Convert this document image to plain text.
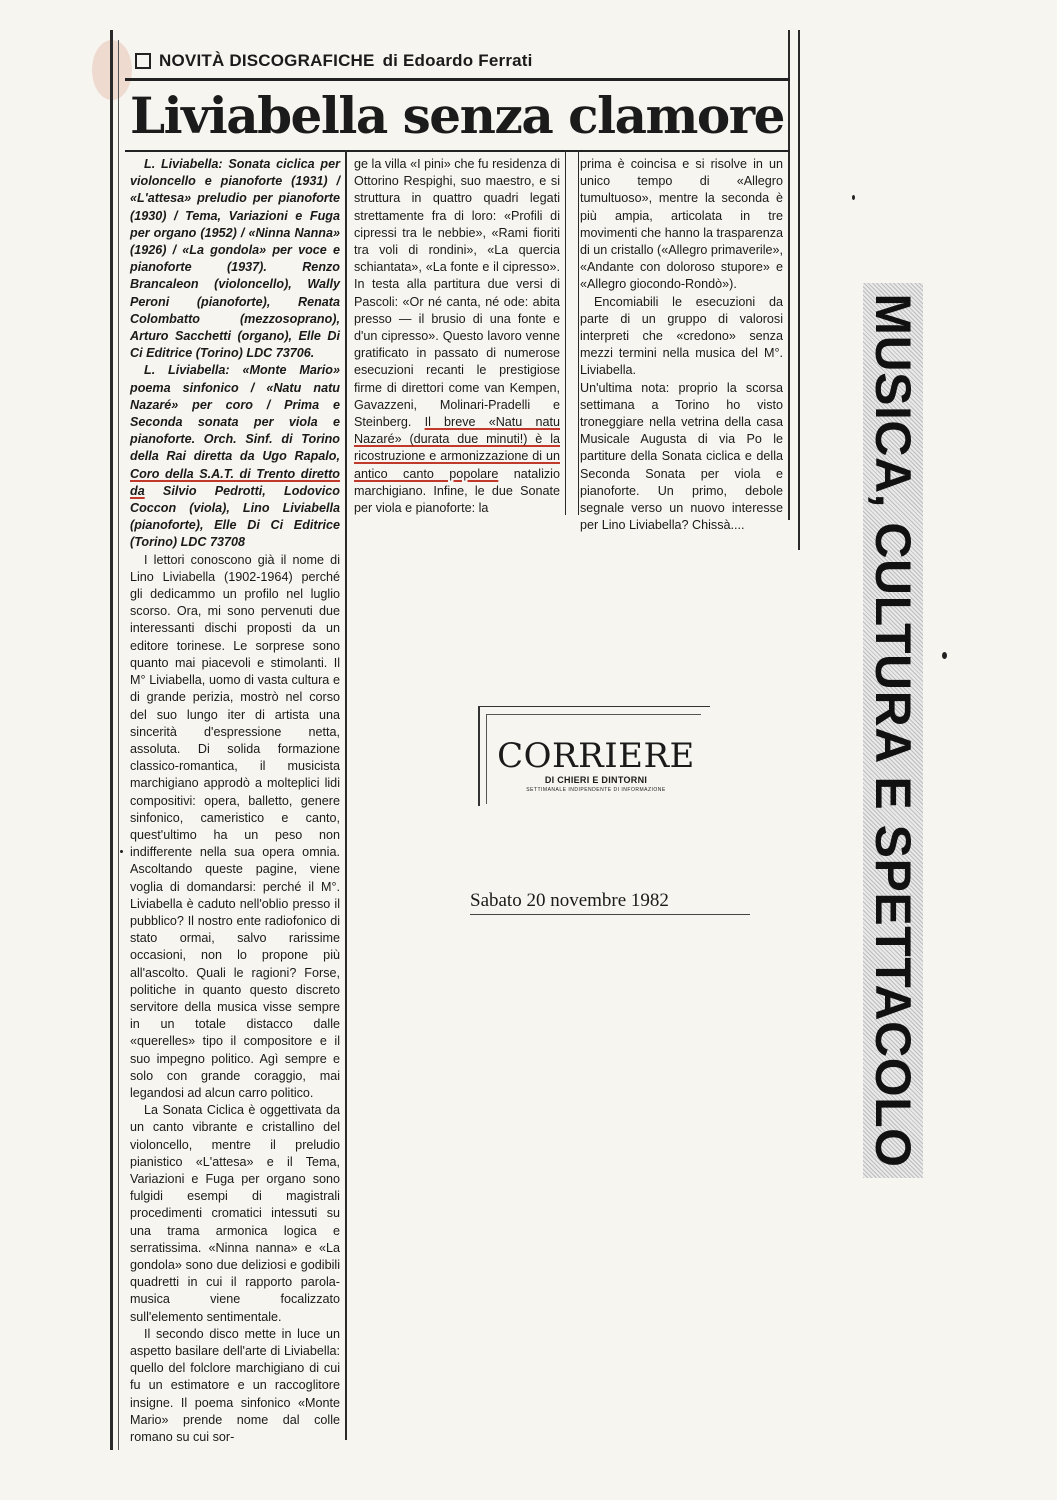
NOVITÀ DISCOGRAFICHE di Edoardo Ferrati
Liviabella senza clamore

L. Liviabella: Sonata ciclica per violoncello e pianoforte (1931) / «L'attesa» preludio per pianoforte (1930) / Tema, Variazioni e Fuga per organo (1952) / «Ninna Nanna» (1926) / «La gondola» per voce e pianoforte (1937). Renzo Brancaleon (violoncello), Wally Peroni (pianoforte), Renata Colombatto (mezzosoprano), Arturo Sacchetti (organo), Elle Di Ci Editrice (Torino) LDC 73706.

L. Liviabella: «Monte Mario» poema sinfonico / «Natu natu Nazaré» per coro / Prima e Seconda sonata per viola e pianoforte. Orch. Sinf. di Torino della Rai diretta da Ugo Rapalo, Coro della S.A.T. di Trento diretto da Silvio Pedrotti, Lodovico Coccon (viola), Lino Liviabella (pianoforte), Elle Di Ci Editrice (Torino) LDC 73708

I lettori conoscono già il nome di Lino Liviabella (1902-1964) perché gli dedicammo un profilo nel luglio scorso. Ora, mi sono pervenuti due interessanti dischi proposti da un editore torinese. Le sorprese sono quanto mai piacevoli e stimolanti. Il M° Liviabella, uomo di vasta cultura e di grande perizia, mostrò nel corso del suo lungo iter di artista una sincerità d'espressione netta, assoluta. Di solida formazione classico-romantica, il musicista marchigiano approdò a molteplici lidi compositivi: opera, balletto, genere sinfonico, cameristico e canto, quest'ultimo ha un peso non indifferente nella sua opera omnia. Ascoltando queste pagine, viene voglia di domandarsi: perché il M°. Liviabella è caduto nell'oblio presso il pubblico? Il nostro ente radiofonico di stato ormai, salvo rarissime occasioni, non lo propone più all'ascolto. Quali le ragioni? Forse, politiche in quanto questo discreto servitore della musica visse sempre in un totale distacco dalle «querelles» tipo il compositore e il suo impegno politico. Agì sempre e solo con grande coraggio, mai legandosi ad alcun carro politico.

La Sonata Ciclica è oggettivata da un canto vibrante e cristallino del violoncello, mentre il preludio pianistico «L'attesa» e il Tema, Variazioni e Fuga per organo sono fulgidi esempi di magistrali procedimenti cromatici intessuti su una trama armonica logica e serratissima. «Ninna nanna» e «La gondola» sono due deliziosi e godibili quadretti in cui il rapporto parola-musica viene focalizzato sull'elemento sentimentale.

Il secondo disco mette in luce un aspetto basilare dell'arte di Liviabella: quello del folclore marchigiano di cui fu un estimatore e un raccoglitore insigne. Il poema sinfonico «Monte Mario» prende nome dal colle romano su cui sor-

ge la villa «I pini» che fu residenza di Ottorino Respighi, suo maestro, e si struttura in quattro quadri legati strettamente fra di loro: «Profili di cipressi tra le nebbie», «Rami fioriti tra voli di rondini», «La quercia schiantata», «La fonte e il cipresso». In testa alla partitura due versi di Pascoli: «Or né canta, né ode: abita presso — il brusio di una fonte e d'un cipresso». Questo lavoro venne gratificato in passato di numerose esecuzioni recanti le prestigiose firme di direttori come van Kempen, Gavazzeni, Molinari-Pradelli e Steinberg. Il breve «Natu natu Nazaré» (durata due minuti!) è la ricostruzione e armonizzazione di un antico canto popolare natalizio marchigiano. Infine, le due Sonate per viola e pianoforte: la

prima è coincisa e si risolve in un unico tempo di «Allegro tumultuoso», mentre la seconda è più ampia, articolata in tre movimenti che hanno la trasparenza di un cristallo («Allegro primaverile», «Andante con doloroso stupore» e «Allegro giocondo-Rondò»).

Encomiabili le esecuzioni da parte di un gruppo di valorosi interpreti che «credono» senza mezzi termini nella musica del M°. Liviabella.

Un'ultima nota: proprio la scorsa settimana a Torino ho visto troneggiare nella vetrina della casa Musicale Augusta di via Po le partiture della Sonata ciclica e della Seconda Sonata per viola e pianoforte. Un primo, debole segnale verso un nuovo interesse per Lino Liviabella? Chissà....	MUSICA, CULTURA E SPETTACOLO
CORRIERE
DI CHIERI E DINTORNI
SETTIMANALE INDIPENDENTE DI INFORMAZIONE
Sabato 20 novembre 1982
